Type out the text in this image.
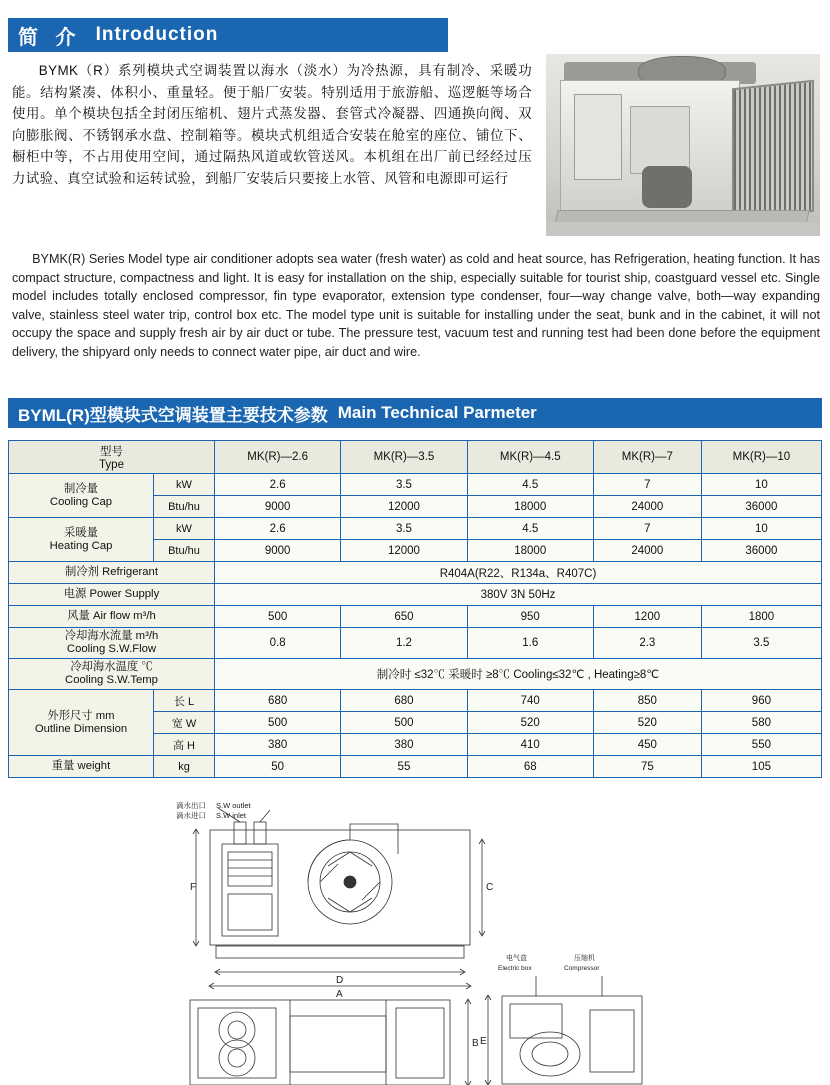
简 介 Introduction

BYMK（R）系列模块式空调装置以海水（淡水）为冷热源，具有制冷、采暖功能。结构紧凑、体积小、重量轻。便于船厂安装。特别适用于旅游船、巡逻艇等场合使用。单个模块包括全封闭压缩机、翅片式蒸发器、套管式冷凝器、四通换向阀、双向膨胀阀、不锈钢承水盘、控制箱等。模块式机组适合安装在舱室的座位、铺位下、橱柜中等，不占用使用空间，通过隔热风道或软管送风。本机组在出厂前已经经过压力试验、真空试验和运转试验，到船厂安装后只要接上水管、风管和电源即可运行

BYMK(R) Series Model type air conditioner adopts sea water (fresh water) as cold and heat source, has Refrigeration, heating function. It has compact structure, compactness and light. It is easy for installation on the ship, especially suitable for tourist ship, coastguard vessel etc. Single model includes totally enclosed compressor, fin type evaporator, extension type condenser, four—way change valve, both—way expanding valve, stainless steel water trip, control box etc. The model type unit is suitable for installing under the seat, bunk and in the cabinet, it will not occupy the space and supply fresh air by air duct or tube. The pressure test, vacuum test and running test had been done before the equipment delivery, the shipyard only needs to connect water pipe, air duct and wire.

BYML(R)型模块式空调装置主要技术参数 Main Technical Parmeter
型号
Type		MK(R)—2.6	MK(R)—3.5	MK(R)—4.5	MK(R)—7	MK(R)—10

制冷量
Cooling Cap	kW	2.6	3.5	4.5	7	10
	Btu/hu	9000	12000	18000	24000	36000

采暖量
Heating Cap	kW	2.6	3.5	4.5	7	10
	Btu/hu	9000	12000	18000	24000	36000
制冷剂 Refrigerant		R404A(R22、R134a、R407C)				
电源 Power Supply		380V 3N 50Hz				
风量 Air flow m³/h		500	650	950	1200	1800

冷却海水流量 m³/h
Cooling S.W.Flow		0.8	1.2	1.6	2.3	3.5

冷却海水温度 ℃
Cooling S.W.Temp		制冷时 ≤32℃ 采暖时 ≥8℃ Cooling≤32℃ , Heating≥8℃				

外形尺寸 mm
Outline Dimension	长 L	680	680	740	850	960
	宽 W	500	500	520	520	580
	高 H	380	380	410	450	550
重量 weight	kg	50	55	68	75	105
滴水出口 S.W outlet
滴水进口 S.W inlet
F	C
D
A
B E
电气盒
Electric box
压缩机
Compressor
